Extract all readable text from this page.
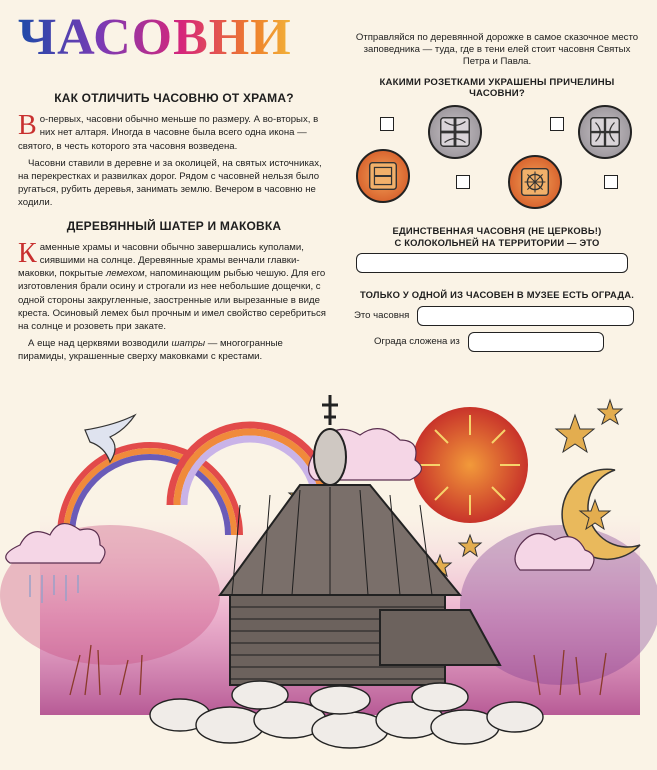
ЧАСОВНИ
КАК ОТЛИЧИТЬ ЧАСОВНЮ ОТ ХРАМА?

Во-первых, часовни обычно меньше по размеру. А во-вторых, в них нет алтаря. Иногда в часовне была всего одна икона — святого, в честь которого эта часовня возведена.

Часовни ставили в деревне и за околицей, на святых источниках, на перекрестках и развилках дорог. Рядом с часовней нельзя было ругаться, рубить деревья, занимать землю. Вечером в часовню не ходили.

ДЕРЕВЯННЫЙ ШАТЕР И МАКОВКА

Каменные храмы и часовни обычно завершались куполами, сиявшими на солнце. Деревянные храмы венчали главки-маковки, покрытые лемехом, напоминающим рыбью чешую. Для его изготовления брали осину и строгали из нее небольшие дощечки, с одной стороны закругленные, заостренные или вырезанные в виде креста. Осиновый лемех был прочным и имел свойство серебриться на солнце и розоветь при закате.

А еще над церквями возводили шатры — многогранные пирамиды, украшенные сверху маковками с крестами.

Отправляйся по деревянной дорожке в самое сказочное место заповедника — туда, где в тени елей стоит часовня Святых Петра и Павла.

КАКИМИ РОЗЕТКАМИ УКРАШЕНЫ ПРИЧЕЛИНЫ ЧАСОВНИ?
ЕДИНСТВЕННАЯ ЧАСОВНЯ (НЕ ЦЕРКОВЬ!)
С КОЛОКОЛЬНЕЙ НА ТЕРРИТОРИИ — ЭТО
ТОЛЬКО У ОДНОЙ ИЗ ЧАСОВЕН В МУЗЕЕ ЕСТЬ ОГРАДА.
Это часовня
Ограда сложена из
